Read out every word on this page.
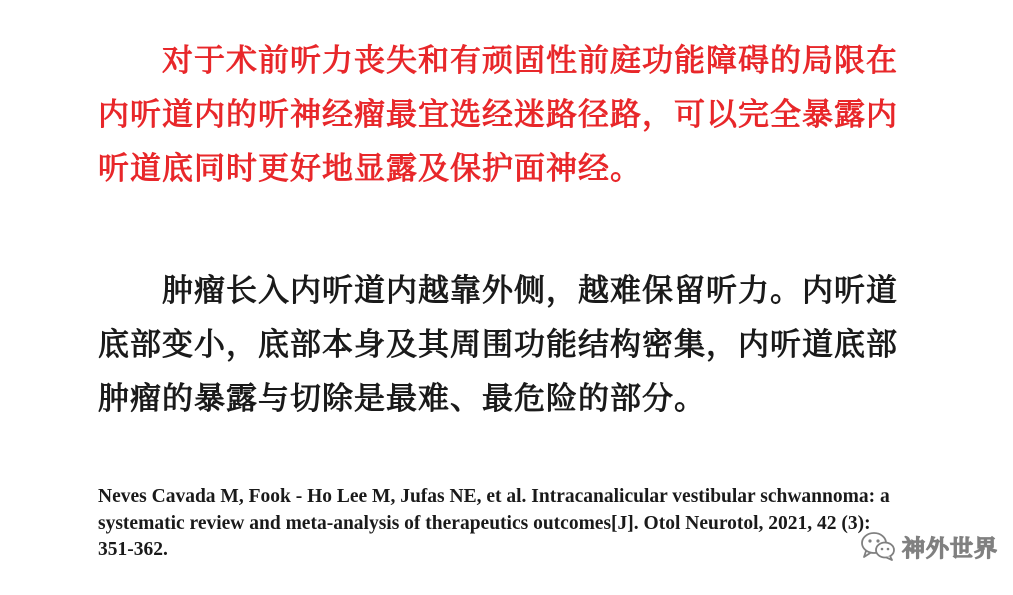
对于术前听力丧失和有顽固性前庭功能障碍的局限在内听道内的听神经瘤最宜选经迷路径路，可以完全暴露内听道底同时更好地显露及保护面神经。

肿瘤长入内听道内越靠外侧，越难保留听力。内听道底部变小，底部本身及其周围功能结构密集，内听道底部肿瘤的暴露与切除是最难、最危险的部分。

Neves Cavada M, Fook - Ho Lee M, Jufas NE, et al. Intracanalicular vestibular schwannoma: a systematic review and meta-analysis of therapeutics outcomes[J]. Otol Neurotol, 2021, 42 (3): 351-362.	神外世界
